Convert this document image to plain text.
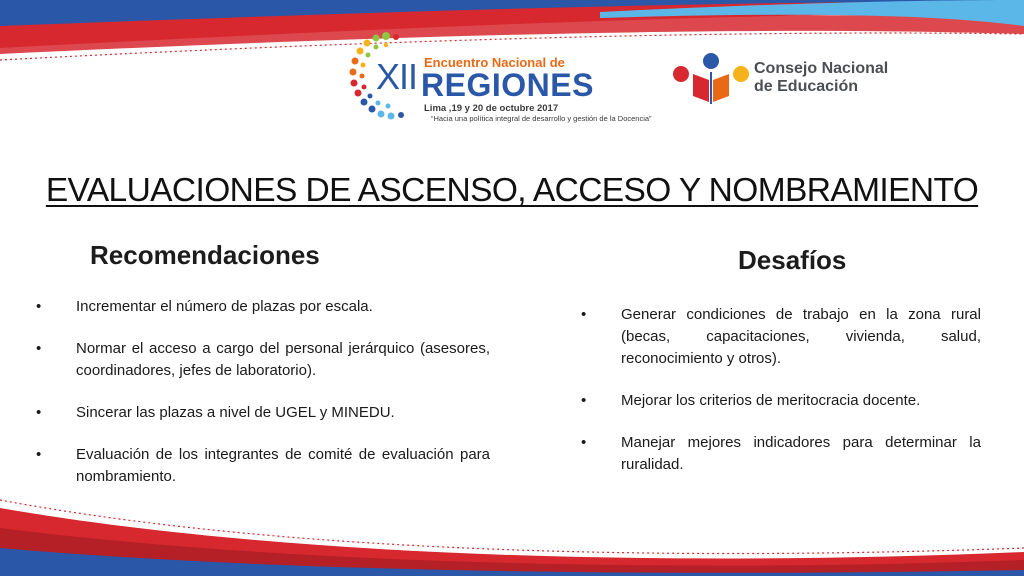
XII Encuentro Nacional de
REGIONES
Lima ,19 y 20 de octubre 2017
“Hacia una política integral de desarrollo y gestión de la Docencia”
Consejo Nacional
de Educación
EVALUACIONES DE ASCENSO, ACCESO Y NOMBRAMIENTO
Recomendaciones	Desafíos
• Incrementar el número de plazas por escala.
• Normar el acceso a cargo del personal jerárquico (asesores, coordinadores, jefes de laboratorio).
• Sincerar las plazas a nivel de UGEL y MINEDU.
• Evaluación de los integrantes de comité de evaluación para nombramiento.
• Generar condiciones de trabajo en la zona rural (becas, capacitaciones, vivienda, salud, reconocimiento y otros).
• Mejorar los criterios de meritocracia docente.
• Manejar mejores indicadores para determinar la ruralidad.
